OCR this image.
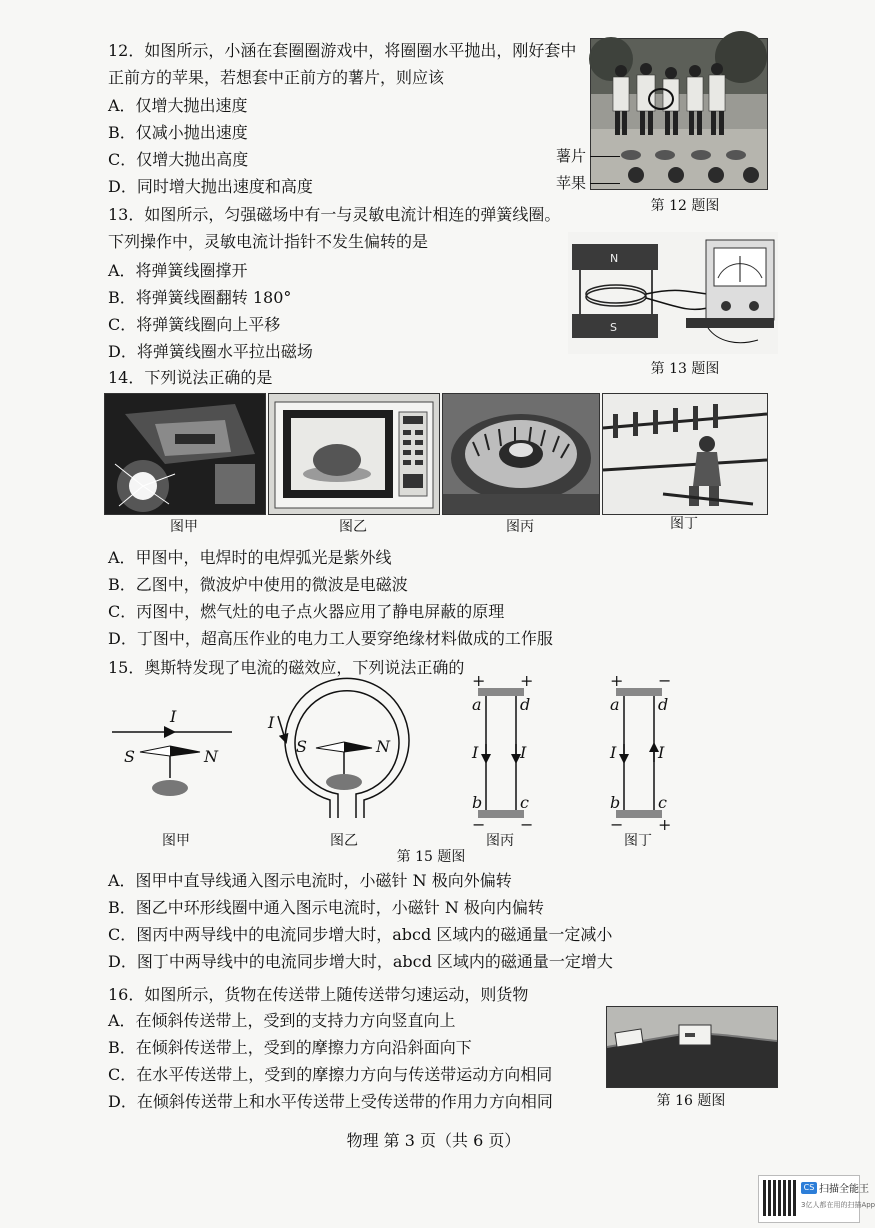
12．如图所示，小涵在套圈圈游戏中，将圈圈水平抛出，刚好套中
正前方的苹果，若想套中正前方的薯片，则应该
A．仅增大抛出速度
B．仅减小抛出速度
C．仅增大抛出高度
D．同时增大抛出速度和高度
薯片
苹果
第 12 题图
13．如图所示，匀强磁场中有一与灵敏电流计相连的弹簧线圈。
下列操作中，灵敏电流计指针不发生偏转的是
A．将弹簧线圈撑开
B．将弹簧线圈翻转 180°
C．将弹簧线圈向上平移
D．将弹簧线圈水平拉出磁场
N
S
第 13 题图
14．下列说法正确的是
图甲	图乙	图丙	图丁
A．甲图中，电焊时的电焊弧光是紫外线
B．乙图中，微波炉中使用的微波是电磁波
C．丙图中，燃气灶的电子点火器应用了静电屏蔽的原理
D．丁图中，超高压作业的电力工人要穿绝缘材料做成的工作服
15．奥斯特发现了电流的磁效应，下列说法正确的
I
S	N
I
S	N
+ +
a d
I	I
b c
− −
+ −
a d
I	I
b c
− +
图甲	图乙
第 15 题图
图丙	图丁
A．图甲中直导线通入图示电流时，小磁针 N 极向外偏转
B．图乙中环形线圈中通入图示电流时，小磁针 N 极向内偏转
C．图丙中两导线中的电流同步增大时，abcd 区域内的磁通量一定减小
D．图丁中两导线中的电流同步增大时，abcd 区域内的磁通量一定增大
16．如图所示，货物在传送带上随传送带匀速运动，则货物
A．在倾斜传送带上，受到的支持力方向竖直向上
B．在倾斜传送带上，受到的摩擦力方向沿斜面向下
C．在水平传送带上，受到的摩擦力方向与传送带运动方向相同
D．在倾斜传送带上和水平传送带上受传送带的作用力方向相同	第 16 题图
物理 第 3 页（共 6 页）
CS 扫描全能王
3亿人都在用的扫描App
